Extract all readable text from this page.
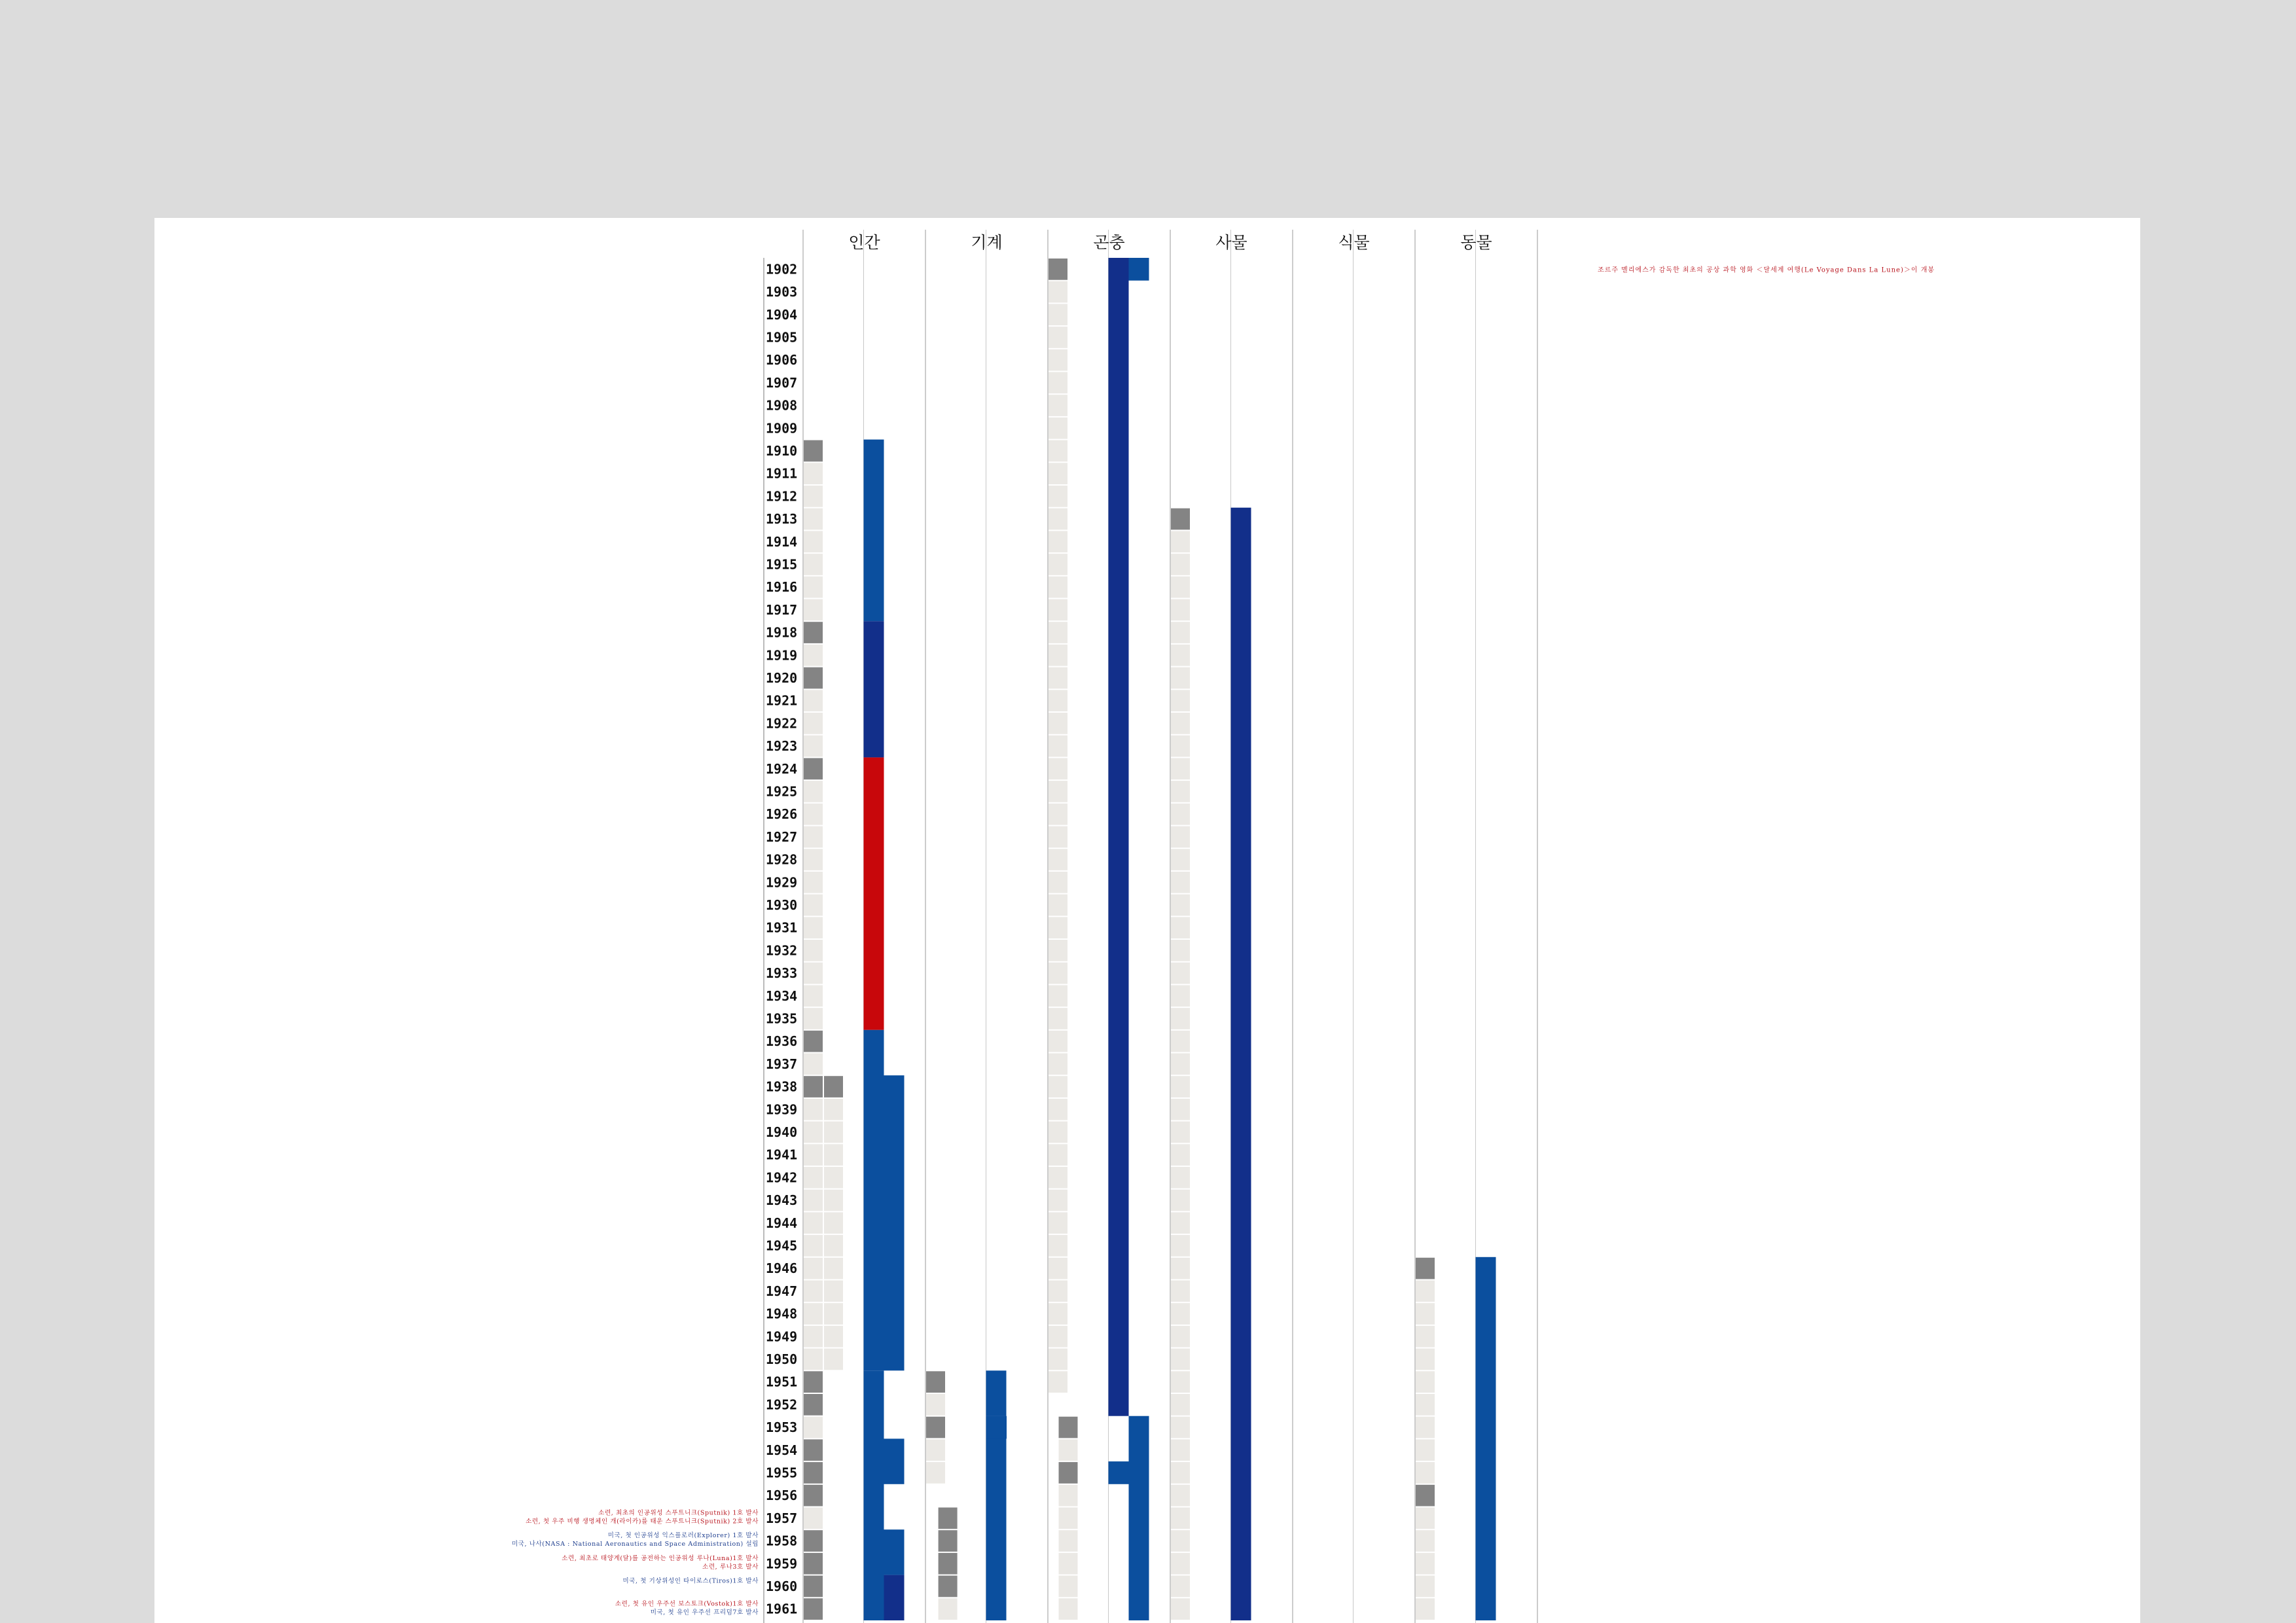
인간	기계	곤충	사물	식물	동물
1902
1903
1904
1905
1906
1907
1908
1909
1910
1911
1912
1913
1914
1915
1916
1917
1918
1919
1920
1921
1922
1923
1924
1925
1926
1927
1928
1929
1930
1931
1932
1933
1934
1935
1936
1937
1938
1939
1940
1941
1942
1943
1944
1945
1946
1947
1948
1949
1950
1951
1952
1953
1954
1955
1956
1957
1958
1959
1960
1961
조르주 멜리에스가 감독한 최초의 공상 과학 영화 ＜달세계 여행(Le Voyage Dans La Lune)＞이 개봉
소련, 최초의 인공위성 스푸트니크(Sputnik) 1호 발사
소련, 첫 우주 비행 생명체인 개(라이카)를 태운 스푸트니크(Sputnik) 2호 발사
미국, 첫 인공위성 익스플로러(Explorer) 1호 발사
미국, 나사(NASA : National Aeronautics and Space Administration) 설립
소련, 최초로 태양계(달)를 공전하는 인공위성 루나(Luna)1호 발사
소련, 루나3호 발사
미국, 첫 기상위성인 타이로스(Tiros)1호 발사
소련, 첫 유인 우주선 보스토크(Vostok)1호 발사
미국, 첫 유인 우주선 프리덤7호 발사
